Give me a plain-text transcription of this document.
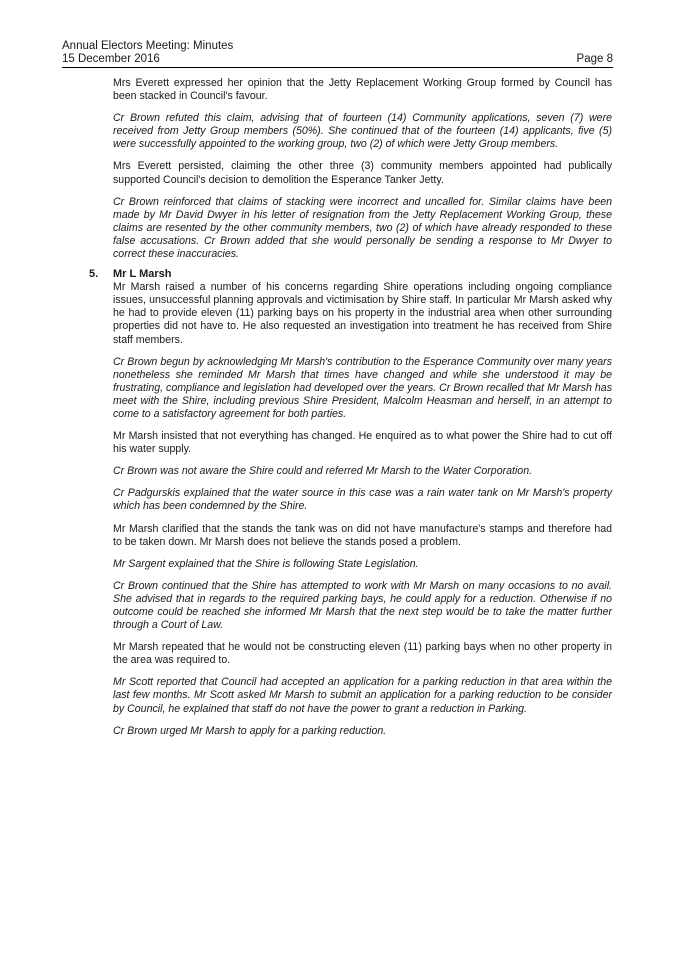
Annual Electors Meeting: Minutes
15 December 2016	Page 8

Mrs Everett expressed her opinion that the Jetty Replacement Working Group formed by Council has been stacked in Council's favour.

Cr Brown refuted this claim, advising that of fourteen (14) Community applications, seven (7) were received from Jetty Group members (50%). She continued that of the fourteen (14) applicants, five (5) were successfully appointed to the working group, two (2) of which were Jetty Group members.

Mrs Everett persisted, claiming the other three (3) community members appointed had publically supported Council's decision to demolition the Esperance Tanker Jetty.

Cr Brown reinforced that claims of stacking were incorrect and uncalled for. Similar claims have been made by Mr David Dwyer in his letter of resignation from the Jetty Replacement Working Group, these claims are resented by the other community members, two (2) of which have already responded to these false accusations. Cr Brown added that she would personally be sending a response to Mr Dwyer to correct these inaccuracies.

5. Mr L Marsh

Mr Marsh raised a number of his concerns regarding Shire operations including ongoing compliance issues, unsuccessful planning approvals and victimisation by Shire staff. In particular Mr Marsh asked why he had to provide eleven (11) parking bays on his property in the industrial area when other surrounding properties did not have to. He also requested an investigation into treatment he has received from Shire staff members.

Cr Brown begun by acknowledging Mr Marsh's contribution to the Esperance Community over many years nonetheless she reminded Mr Marsh that times have changed and while she understood it may be frustrating, compliance and legislation had developed over the years. Cr Brown recalled that Mr Marsh has meet with the Shire, including previous Shire President, Malcolm Heasman and herself, in an attempt to come to a satisfactory agreement for both parties.

Mr Marsh insisted that not everything has changed. He enquired as to what power the Shire had to cut off his water supply.

Cr Brown was not aware the Shire could and referred Mr Marsh to the Water Corporation.

Cr Padgurskis explained that the water source in this case was a rain water tank on Mr Marsh's property which has been condemned by the Shire.

Mr Marsh clarified that the stands the tank was on did not have manufacture's stamps and therefore had to be taken down. Mr Marsh does not believe the stands posed a problem.

Mr Sargent explained that the Shire is following State Legislation.

Cr Brown continued that the Shire has attempted to work with Mr Marsh on many occasions to no avail. She advised that in regards to the required parking bays, he could apply for a reduction. Otherwise if no outcome could be reached she informed Mr Marsh that the next step would be to take the matter further through a Court of Law.

Mr Marsh repeated that he would not be constructing eleven (11) parking bays when no other property in the area was required to.

Mr Scott reported that Council had accepted an application for a parking reduction in that area within the last few months. Mr Scott asked Mr Marsh to submit an application for a parking reduction to be consider by Council, he explained that staff do not have the power to grant a reduction in Parking.

Cr Brown urged Mr Marsh to apply for a parking reduction.
